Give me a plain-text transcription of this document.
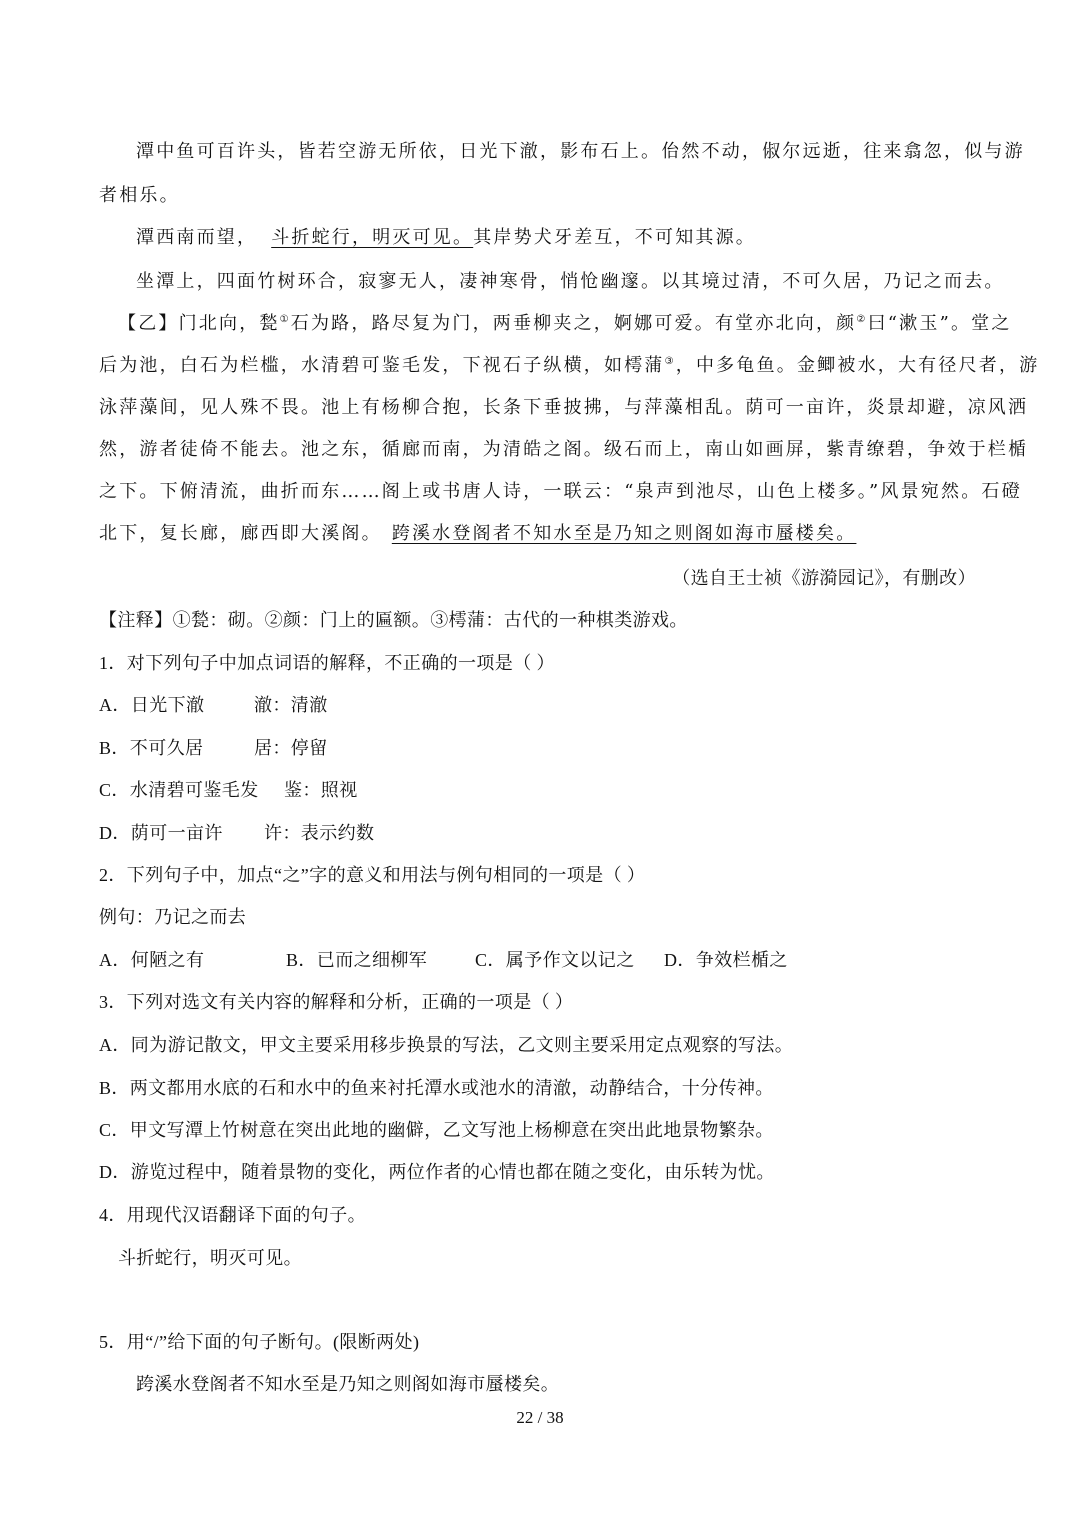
潭中鱼可百许头，皆若空游无所依，日光下澈，影布石上。佁然不动，俶尔远逝，往来翕忽，似与游
者相乐。
潭西南而望， 斗折蛇行，明灭可见。其岸势犬牙差互，不可知其源。
坐潭上，四面竹树环合，寂寥无人，凄神寒骨，悄怆幽邃。以其境过清，不可久居，乃记之而去。
【乙】门北向，甃①石为路，路尽复为门，两垂柳夹之，婀娜可爱。有堂亦北向，颜②曰“漱玉”。堂之
后为池，白石为栏槛，水清碧可鉴毛发，下视石子纵横，如樗蒲③，中多龟鱼。金鲫被水，大有径尺者，游
泳萍藻间，见人殊不畏。池上有杨柳合抱，长条下垂披拂，与萍藻相乱。荫可一亩许，炎景却避，凉风洒
然，游者徒倚不能去。池之东，循廊而南，为清皓之阁。级石而上，南山如画屏，紫青缭碧，争效于栏楯
之下。下俯清流，曲折而东……阁上或书唐人诗，一联云：“泉声到池尽，山色上楼多。”风景宛然。石磴
北下，复长廊，廊西即大溪阁。 跨溪水登阁者不知水至是乃知之则阁如海市蜃楼矣。
（选自王士祯《游漪园记》，有删改）
【注释】①甃：砌。②颜：门上的匾额。③樗蒲：古代的一种棋类游戏。
1．对下列句子中加点词语的解释，不正确的一项是（ ）
A．日光下澈	澈：清澈
B．不可久居	居：停留
C．水清碧可鉴毛发 鉴：照视
D．荫可一亩许 许：表示约数
2．下列句子中，加点“之”字的意义和用法与例句相同的一项是（ ）
例句：乃记之而去
A．何陋之有	B．已而之细柳军	C．属予作文以记之 D．争效栏楯之
3．下列对选文有关内容的解释和分析，正确的一项是（ ）
A．同为游记散文，甲文主要采用移步换景的写法，乙文则主要采用定点观察的写法。
B．两文都用水底的石和水中的鱼来衬托潭水或池水的清澈，动静结合，十分传神。
C．甲文写潭上竹树意在突出此地的幽僻，乙文写池上杨柳意在突出此地景物繁杂。
D．游览过程中，随着景物的变化，两位作者的心情也都在随之变化，由乐转为忧。
4．用现代汉语翻译下面的句子。
斗折蛇行，明灭可见。
5．用“/”给下面的句子断句。(限断两处)
跨溪水登阁者不知水至是乃知之则阁如海市蜃楼矣。
22 / 38
